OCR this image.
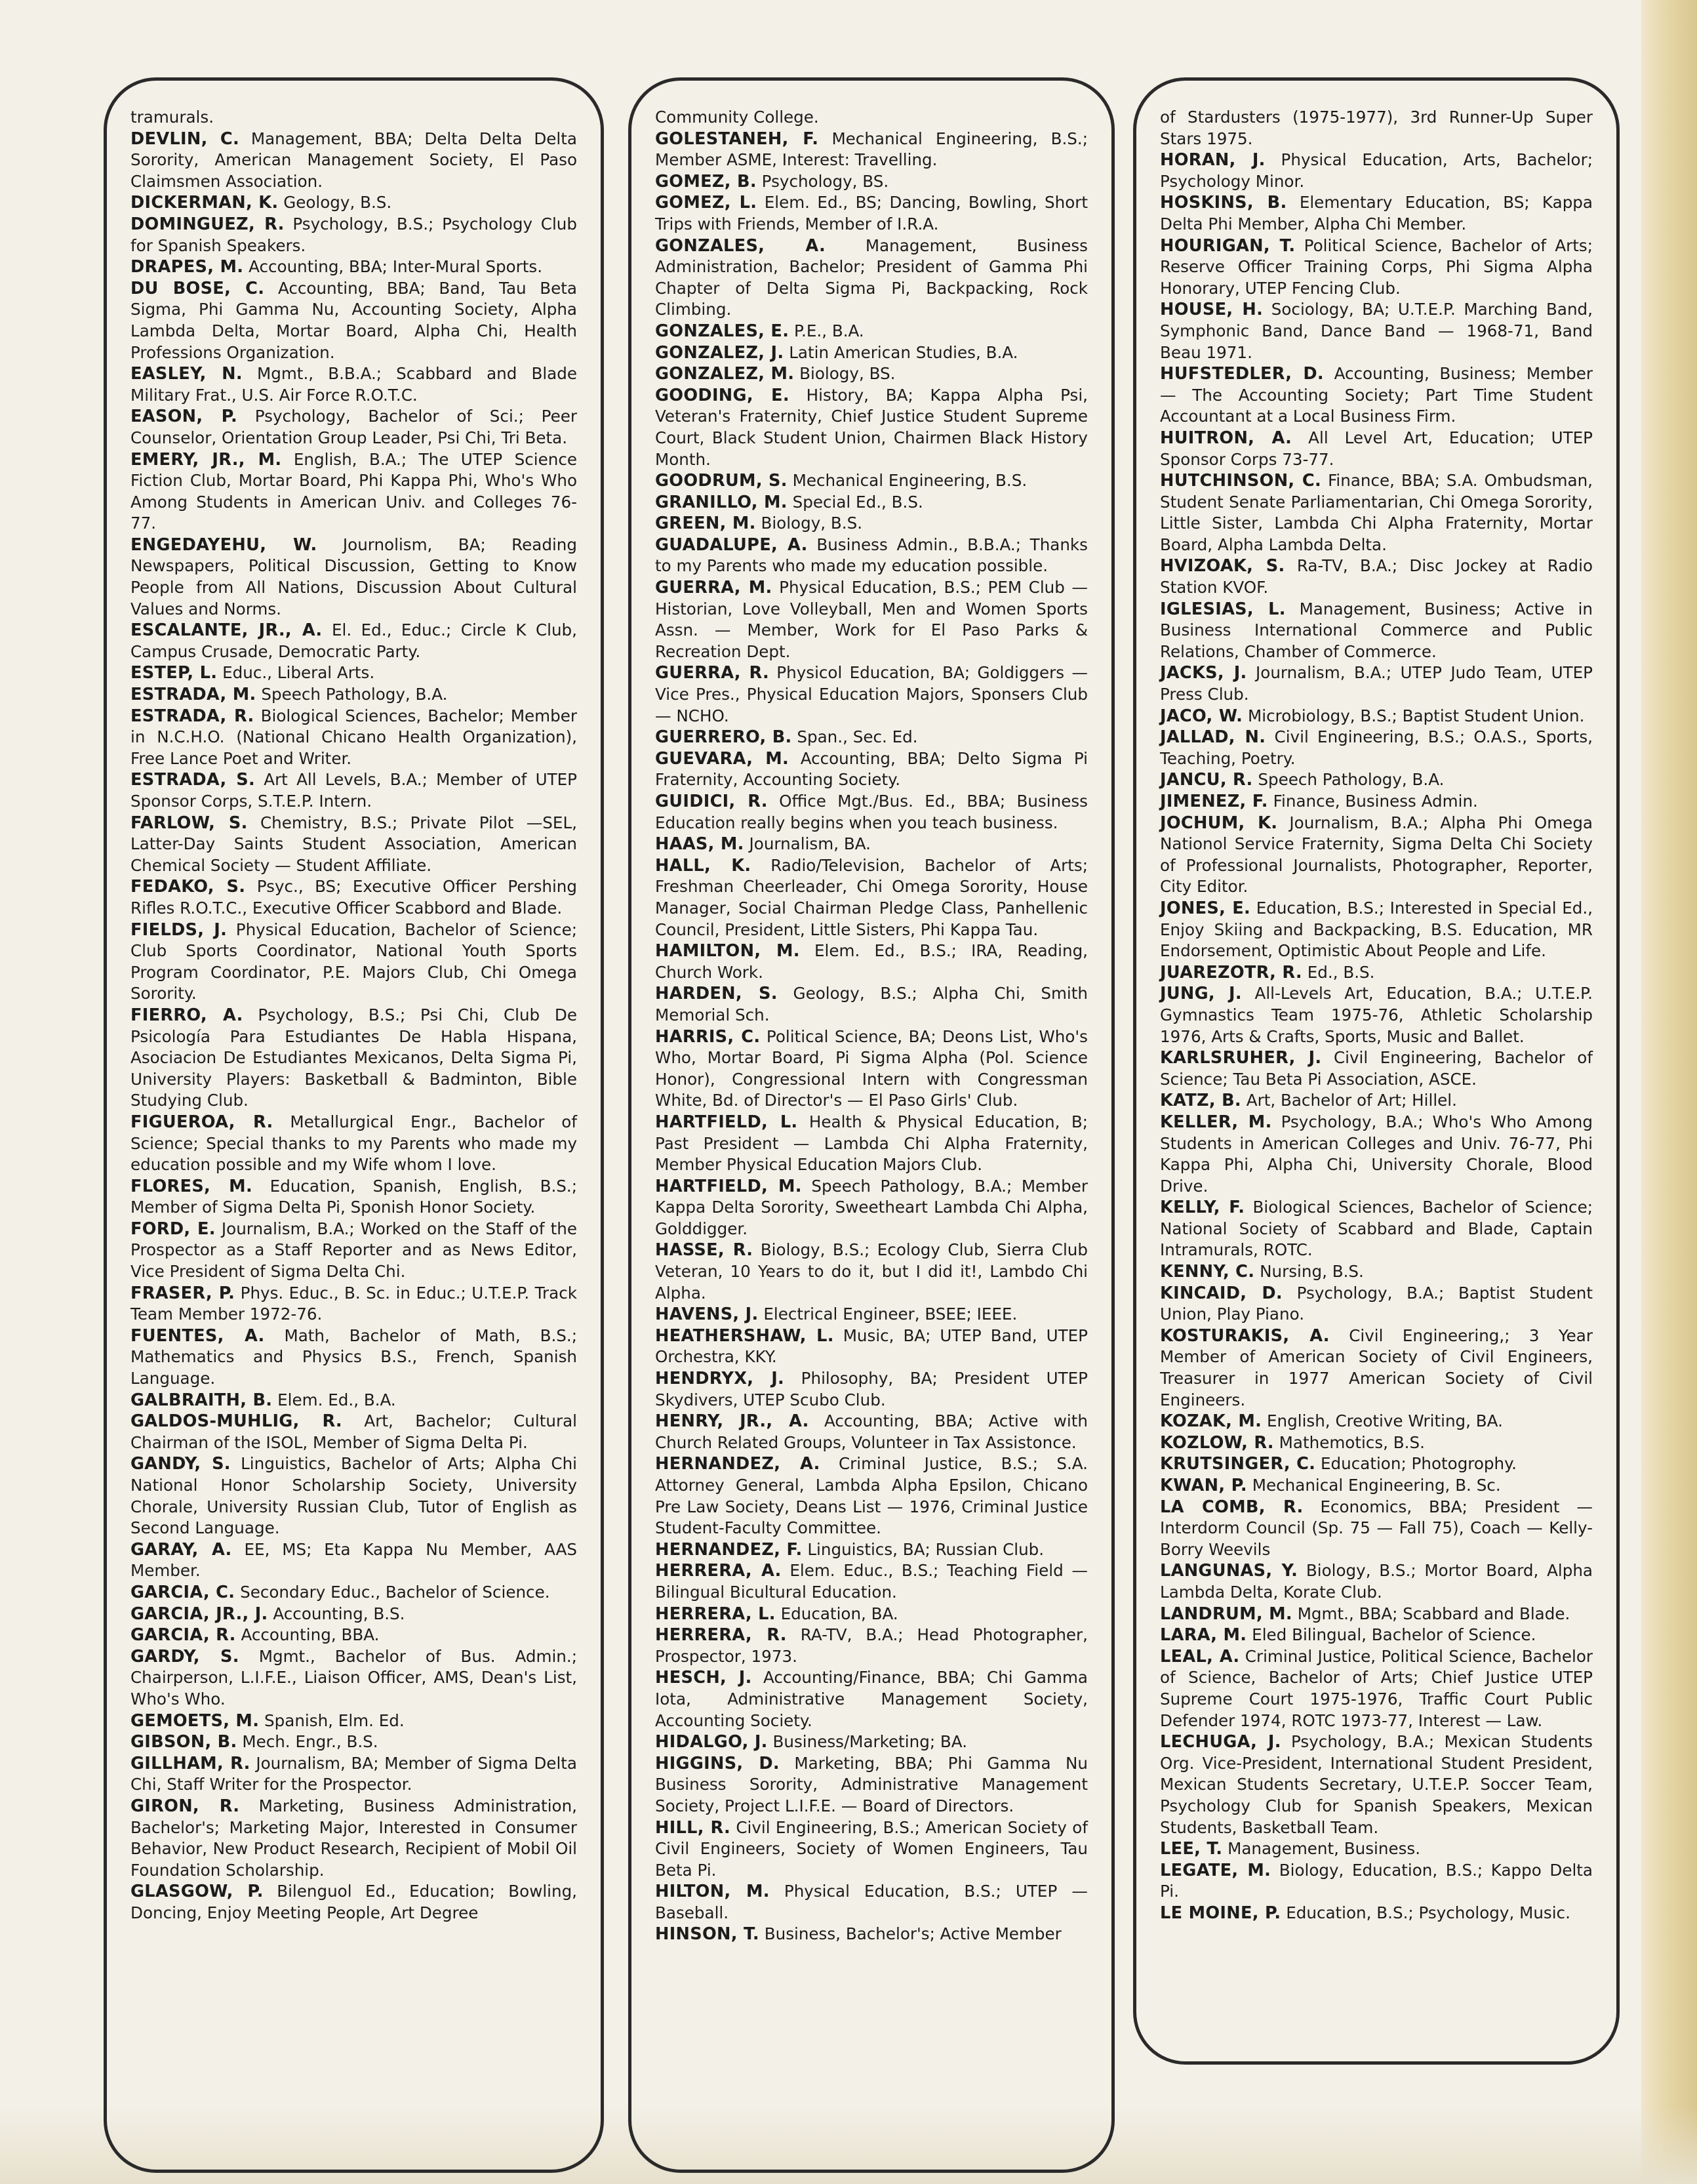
tramurals.

DEVLIN, C. Management, BBA; Delta Delta Delta Sorority, American Management Society, El Paso Claimsmen Association.

DICKERMAN, K. Geology, B.S.

DOMINGUEZ, R. Psychology, B.S.; Psychology Club for Spanish Speakers.

DRAPES, M. Accounting, BBA; Inter-Mural Sports.

DU BOSE, C. Accounting, BBA; Band, Tau Beta Sigma, Phi Gamma Nu, Accounting Society, Alpha Lambda Delta, Mortar Board, Alpha Chi, Health Professions Organization.

EASLEY, N. Mgmt., B.B.A.; Scabbard and Blade Military Frat., U.S. Air Force R.O.T.C.

EASON, P. Psychology, Bachelor of Sci.; Peer Counselor, Orientation Group Leader, Psi Chi, Tri Beta.

EMERY, JR., M. English, B.A.; The UTEP Science Fiction Club, Mortar Board, Phi Kappa Phi, Who's Who Among Students in American Univ. and Colleges 76-77.

ENGEDAYEHU, W. Journolism, BA; Reading Newspapers, Political Discussion, Getting to Know People from All Nations, Discussion About Cultural Values and Norms.

ESCALANTE, JR., A. El. Ed., Educ.; Circle K Club, Campus Crusade, Democratic Party.

ESTEP, L. Educ., Liberal Arts.

ESTRADA, M. Speech Pathology, B.A.

ESTRADA, R. Biological Sciences, Bachelor; Member in N.C.H.O. (National Chicano Health Organization), Free Lance Poet and Writer.

ESTRADA, S. Art All Levels, B.A.; Member of UTEP Sponsor Corps, S.T.E.P. Intern.

FARLOW, S. Chemistry, B.S.; Private Pilot —SEL, Latter-Day Saints Student Association, American Chemical Society — Student Affiliate.

FEDAKO, S. Psyc., BS; Executive Officer Pershing Rifles R.O.T.C., Executive Officer Scabbord and Blade.

FIELDS, J. Physical Education, Bachelor of Science; Club Sports Coordinator, National Youth Sports Program Coordinator, P.E. Majors Club, Chi Omega Sorority.

FIERRO, A. Psychology, B.S.; Psi Chi, Club De Psicología Para Estudiantes De Habla Hispana, Asociacion De Estudiantes Mexicanos, Delta Sigma Pi, University Players: Basketball & Badminton, Bible Studying Club.

FIGUEROA, R. Metallurgical Engr., Bachelor of Science; Special thanks to my Parents who made my education possible and my Wife whom I love.

FLORES, M. Education, Spanish, English, B.S.; Member of Sigma Delta Pi, Sponish Honor Society.

FORD, E. Journalism, B.A.; Worked on the Staff of the Prospector as a Staff Reporter and as News Editor, Vice President of Sigma Delta Chi.

FRASER, P. Phys. Educ., B. Sc. in Educ.; U.T.E.P. Track Team Member 1972-76.

FUENTES, A. Math, Bachelor of Math, B.S.; Mathematics and Physics B.S., French, Spanish Language.

GALBRAITH, B. Elem. Ed., B.A.

GALDOS-MUHLIG, R. Art, Bachelor; Cultural Chairman of the ISOL, Member of Sigma Delta Pi.

GANDY, S. Linguistics, Bachelor of Arts; Alpha Chi National Honor Scholarship Society, University Chorale, University Russian Club, Tutor of English as Second Language.

GARAY, A. EE, MS; Eta Kappa Nu Member, AAS Member.

GARCIA, C. Secondary Educ., Bachelor of Science.

GARCIA, JR., J. Accounting, B.S.

GARCIA, R. Accounting, BBA.

GARDY, S. Mgmt., Bachelor of Bus. Admin.; Chairperson, L.I.F.E., Liaison Officer, AMS, Dean's List, Who's Who.

GEMOETS, M. Spanish, Elm. Ed.

GIBSON, B. Mech. Engr., B.S.

GILLHAM, R. Journalism, BA; Member of Sigma Delta Chi, Staff Writer for the Prospector.

GIRON, R. Marketing, Business Administration, Bachelor's; Marketing Major, Interested in Consumer Behavior, New Product Research, Recipient of Mobil Oil Foundation Scholarship.

GLASGOW, P. Bilenguol Ed., Education; Bowling, Doncing, Enjoy Meeting People, Art Degree

Community College.

GOLESTANEH, F. Mechanical Engineering, B.S.; Member ASME, Interest: Travelling.

GOMEZ, B. Psychology, BS.

GOMEZ, L. Elem. Ed., BS; Dancing, Bowling, Short Trips with Friends, Member of I.R.A.

GONZALES, A. Management, Business Administration, Bachelor; President of Gamma Phi Chapter of Delta Sigma Pi, Backpacking, Rock Climbing.

GONZALES, E. P.E., B.A.

GONZALEZ, J. Latin American Studies, B.A.

GONZALEZ, M. Biology, BS.

GOODING, E. History, BA; Kappa Alpha Psi, Veteran's Fraternity, Chief Justice Student Supreme Court, Black Student Union, Chairmen Black History Month.

GOODRUM, S. Mechanical Engineering, B.S.

GRANILLO, M. Special Ed., B.S.

GREEN, M. Biology, B.S.

GUADALUPE, A. Business Admin., B.B.A.; Thanks to my Parents who made my education possible.

GUERRA, M. Physical Education, B.S.; PEM Club — Historian, Love Volleyball, Men and Women Sports Assn. — Member, Work for El Paso Parks & Recreation Dept.

GUERRA, R. Physicol Education, BA; Goldiggers — Vice Pres., Physical Education Majors, Sponsers Club — NCHO.

GUERRERO, B. Span., Sec. Ed.

GUEVARA, M. Accounting, BBA; Delto Sigma Pi Fraternity, Accounting Society.

GUIDICI, R. Office Mgt./Bus. Ed., BBA; Business Education really begins when you teach business.

HAAS, M. Journalism, BA.

HALL, K. Radio/Television, Bachelor of Arts; Freshman Cheerleader, Chi Omega Sorority, House Manager, Social Chairman Pledge Class, Panhellenic Council, President, Little Sisters, Phi Kappa Tau.

HAMILTON, M. Elem. Ed., B.S.; IRA, Reading, Church Work.

HARDEN, S. Geology, B.S.; Alpha Chi, Smith Memorial Sch.

HARRIS, C. Political Science, BA; Deons List, Who's Who, Mortar Board, Pi Sigma Alpha (Pol. Science Honor), Congressional Intern with Congressman White, Bd. of Director's — El Paso Girls' Club.

HARTFIELD, L. Health & Physical Education, B; Past President — Lambda Chi Alpha Fraternity, Member Physical Education Majors Club.

HARTFIELD, M. Speech Pathology, B.A.; Member Kappa Delta Sorority, Sweetheart Lambda Chi Alpha, Golddigger.

HASSE, R. Biology, B.S.; Ecology Club, Sierra Club Veteran, 10 Years to do it, but I did it!, Lambdo Chi Alpha.

HAVENS, J. Electrical Engineer, BSEE; IEEE.

HEATHERSHAW, L. Music, BA; UTEP Band, UTEP Orchestra, KKY.

HENDRYX, J. Philosophy, BA; President UTEP Skydivers, UTEP Scubo Club.

HENRY, JR., A. Accounting, BBA; Active with Church Related Groups, Volunteer in Tax Assistonce.

HERNANDEZ, A. Criminal Justice, B.S.; S.A. Attorney General, Lambda Alpha Epsilon, Chicano Pre Law Society, Deans List — 1976, Criminal Justice Student-Faculty Committee.

HERNANDEZ, F. Linguistics, BA; Russian Club.

HERRERA, A. Elem. Educ., B.S.; Teaching Field — Bilingual Bicultural Education.

HERRERA, L. Education, BA.

HERRERA, R. RA-TV, B.A.; Head Photographer, Prospector, 1973.

HESCH, J. Accounting/Finance, BBA; Chi Gamma Iota, Administrative Management Society, Accounting Society.

HIDALGO, J. Business/Marketing; BA.

HIGGINS, D. Marketing, BBA; Phi Gamma Nu Business Sorority, Administrative Management Society, Project L.I.F.E. — Board of Directors.

HILL, R. Civil Engineering, B.S.; American Society of Civil Engineers, Society of Women Engineers, Tau Beta Pi.

HILTON, M. Physical Education, B.S.; UTEP — Baseball.

HINSON, T. Business, Bachelor's; Active Member

of Stardusters (1975-1977), 3rd Runner-Up Super Stars 1975.

HORAN, J. Physical Education, Arts, Bachelor; Psychology Minor.

HOSKINS, B. Elementary Education, BS; Kappa Delta Phi Member, Alpha Chi Member.

HOURIGAN, T. Political Science, Bachelor of Arts; Reserve Officer Training Corps, Phi Sigma Alpha Honorary, UTEP Fencing Club.

HOUSE, H. Sociology, BA; U.T.E.P. Marching Band, Symphonic Band, Dance Band — 1968-71, Band Beau 1971.

HUFSTEDLER, D. Accounting, Business; Member — The Accounting Society; Part Time Student Accountant at a Local Business Firm.

HUITRON, A. All Level Art, Education; UTEP Sponsor Corps 73-77.

HUTCHINSON, C. Finance, BBA; S.A. Ombudsman, Student Senate Parliamentarian, Chi Omega Sorority, Little Sister, Lambda Chi Alpha Fraternity, Mortar Board, Alpha Lambda Delta.

HVIZOAK, S. Ra-TV, B.A.; Disc Jockey at Radio Station KVOF.

IGLESIAS, L. Management, Business; Active in Business International Commerce and Public Relations, Chamber of Commerce.

JACKS, J. Journalism, B.A.; UTEP Judo Team, UTEP Press Club.

JACO, W. Microbiology, B.S.; Baptist Student Union.

JALLAD, N. Civil Engineering, B.S.; O.A.S., Sports, Teaching, Poetry.

JANCU, R. Speech Pathology, B.A.

JIMENEZ, F. Finance, Business Admin.

JOCHUM, K. Journalism, B.A.; Alpha Phi Omega Nationol Service Fraternity, Sigma Delta Chi Society of Professional Journalists, Photographer, Reporter, City Editor.

JONES, E. Education, B.S.; Interested in Special Ed., Enjoy Skiing and Backpacking, B.S. Education, MR Endorsement, Optimistic About People and Life.

JUAREZOTR, R. Ed., B.S.

JUNG, J. All-Levels Art, Education, B.A.; U.T.E.P. Gymnastics Team 1975-76, Athletic Scholarship 1976, Arts & Crafts, Sports, Music and Ballet.

KARLSRUHER, J. Civil Engineering, Bachelor of Science; Tau Beta Pi Association, ASCE.

KATZ, B. Art, Bachelor of Art; Hillel.

KELLER, M. Psychology, B.A.; Who's Who Among Students in American Colleges and Univ. 76-77, Phi Kappa Phi, Alpha Chi, University Chorale, Blood Drive.

KELLY, F. Biological Sciences, Bachelor of Science; National Society of Scabbard and Blade, Captain Intramurals, ROTC.

KENNY, C. Nursing, B.S.

KINCAID, D. Psychology, B.A.; Baptist Student Union, Play Piano.

KOSTURAKIS, A. Civil Engineering,; 3 Year Member of American Society of Civil Engineers, Treasurer in 1977 American Society of Civil Engineers.

KOZAK, M. English, Creotive Writing, BA.

KOZLOW, R. Mathemotics, B.S.

KRUTSINGER, C. Education; Photogrophy.

KWAN, P. Mechanical Engineering, B. Sc.

LA COMB, R. Economics, BBA; President — Interdorm Council (Sp. 75 — Fall 75), Coach — Kelly-Borry Weevils

LANGUNAS, Y. Biology, B.S.; Mortor Board, Alpha Lambda Delta, Korate Club.

LANDRUM, M. Mgmt., BBA; Scabbard and Blade.

LARA, M. Eled Bilingual, Bachelor of Science.

LEAL, A. Criminal Justice, Political Science, Bachelor of Science, Bachelor of Arts; Chief Justice UTEP Supreme Court 1975-1976, Traffic Court Public Defender 1974, ROTC 1973-77, Interest — Law.

LECHUGA, J. Psychology, B.A.; Mexican Students Org. Vice-President, International Student President, Mexican Students Secretary, U.T.E.P. Soccer Team, Psychology Club for Spanish Speakers, Mexican Students, Basketball Team.

LEE, T. Management, Business.

LEGATE, M. Biology, Education, B.S.; Kappo Delta Pi.

LE MOINE, P. Education, B.S.; Psychology, Music.
